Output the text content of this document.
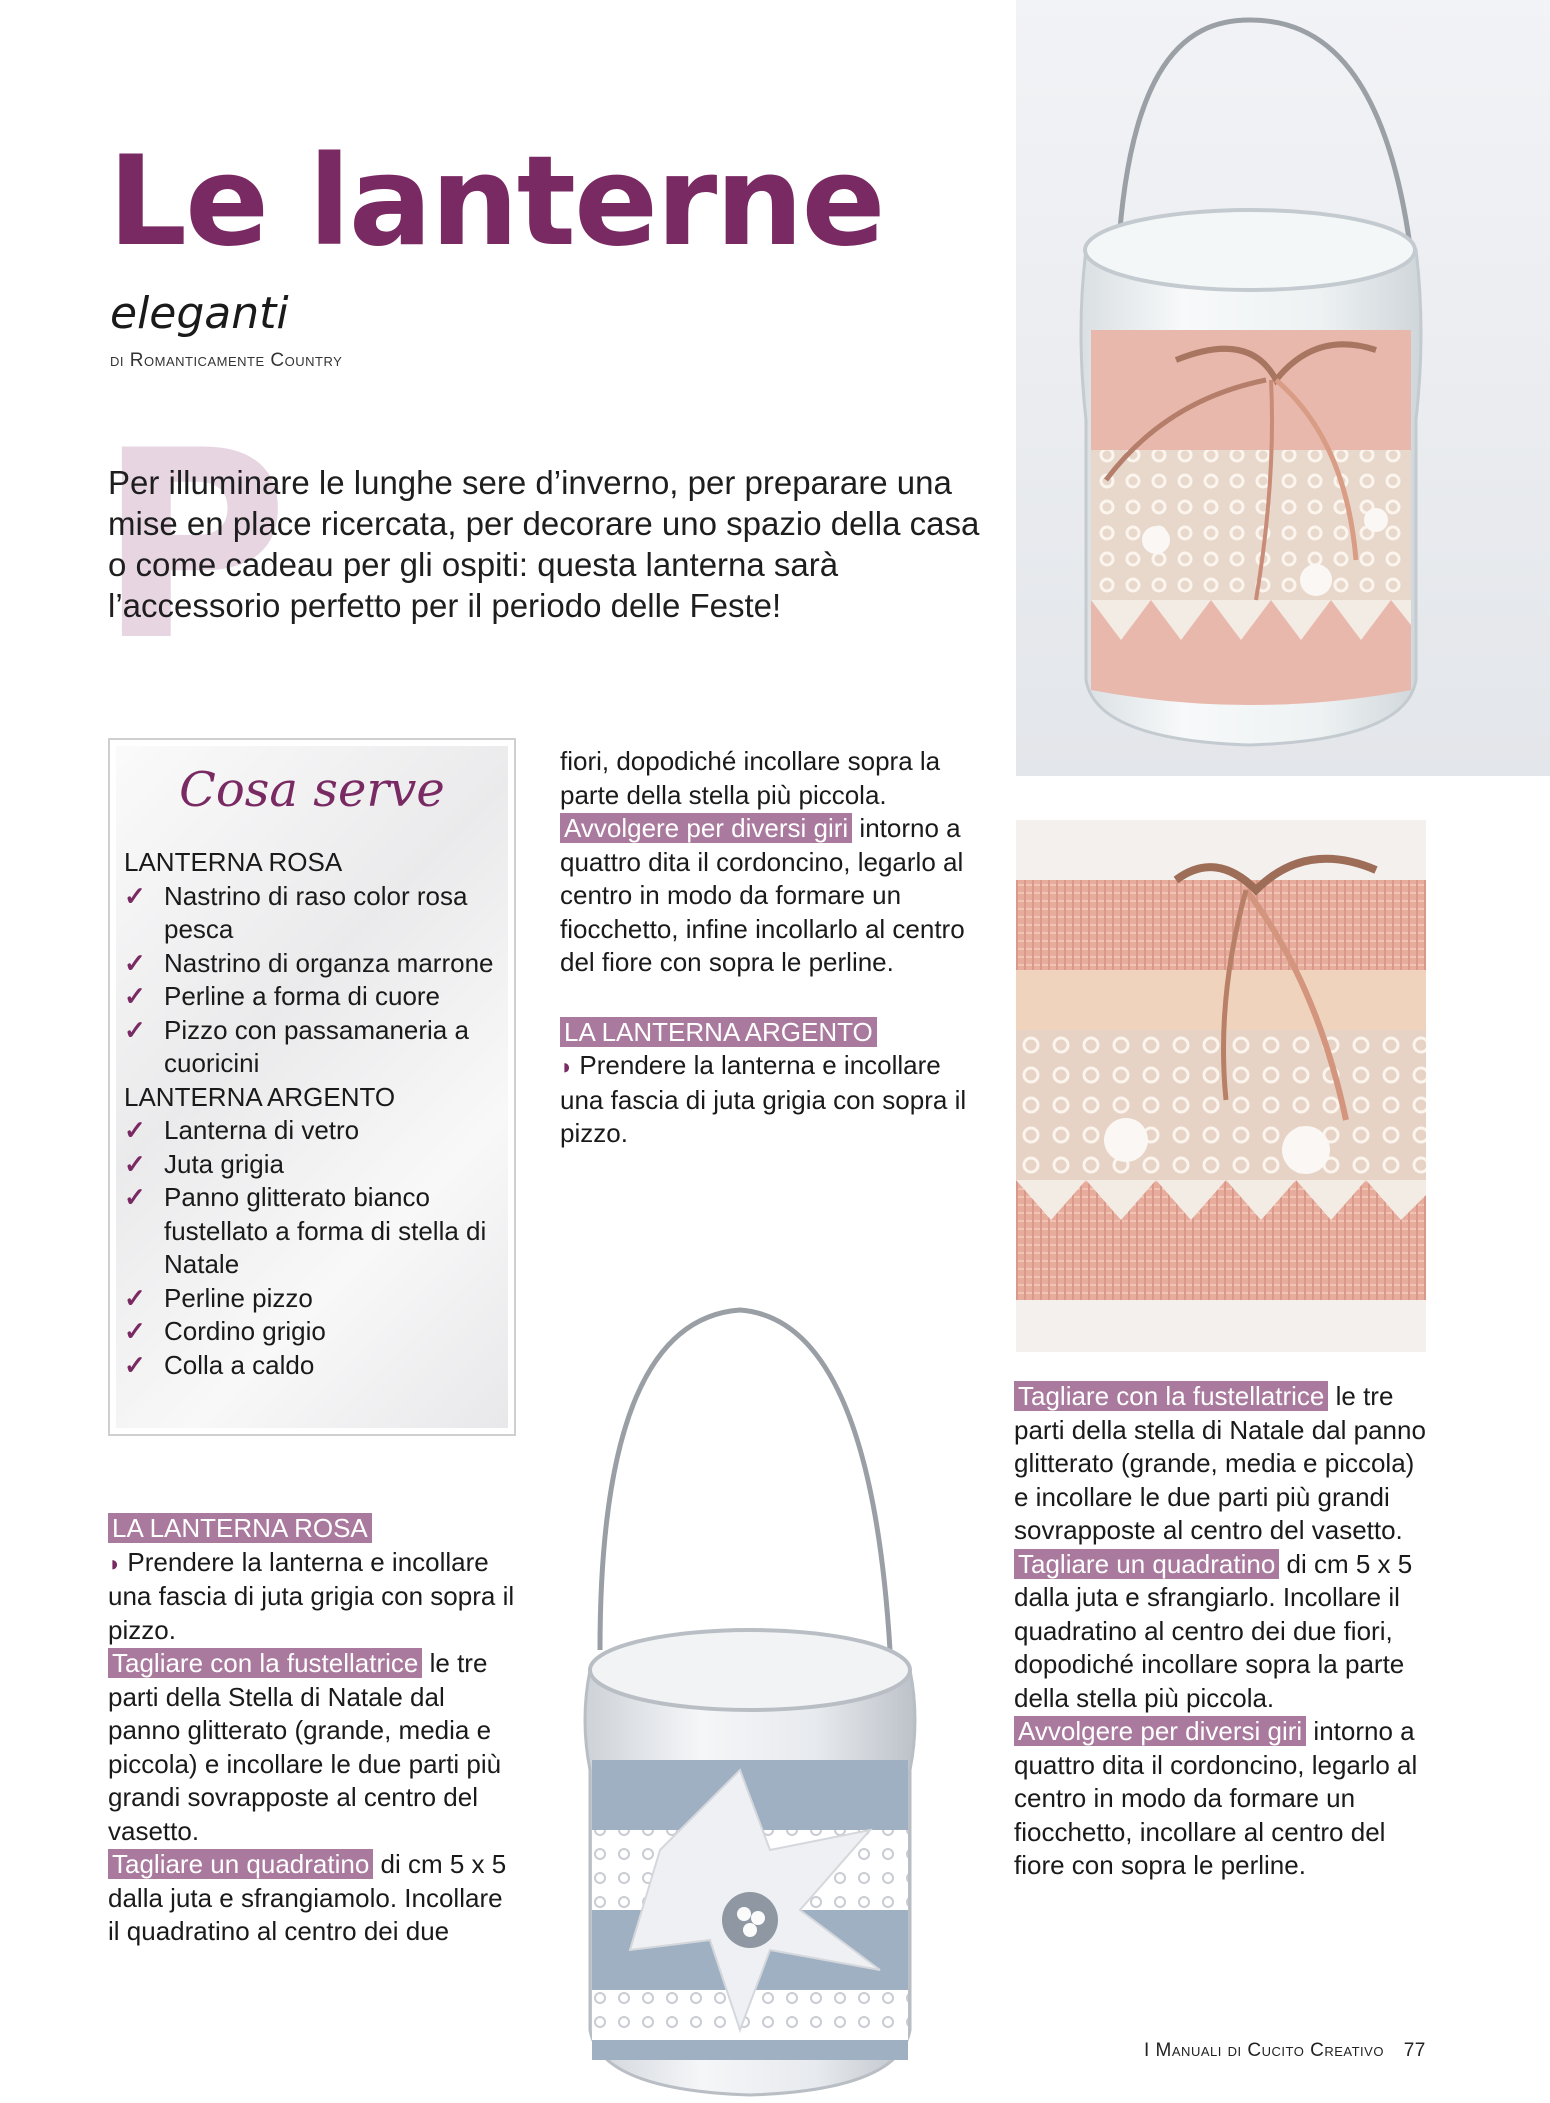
Le lanterne
eleganti
di Romanticamente Country
P

Per illuminare le lunghe sere d’inverno, per preparare una mise en place ricercata, per decorare uno spazio della casa o come cadeau per gli ospiti: questa lanterna sarà l’accessorio perfetto per il periodo delle Feste!

Cosa serve
LANTERNA ROSA
✓ Nastrino di raso color rosa pesca
✓ Nastrino di organza marrone
✓ Perline a forma di cuore
✓ Pizzo con passamaneria a cuoricini
LANTERNA ARGENTO
✓ Lanterna di vetro
✓ Juta grigia
✓ Panno glitterato bianco fustellato a forma di stella di Natale
✓ Perline pizzo
✓ Cordino grigio
✓ Colla a caldo

fiori, dopodiché incollare sopra la parte della stella più piccola.

Avvolgere per diversi giri intorno a quattro dita il cordoncino, legarlo al centro in modo da formare un fiocchetto, infine incollarlo al centro del fiore con sopra le perline.

LA LANTERNA ARGENTO

◗ Prendere la lanterna e incollare una fascia di juta grigia con sopra il pizzo.

LA LANTERNA ROSA

◗ Prendere la lanterna e incollare una fascia di juta grigia con sopra il pizzo.

Tagliare con la fustellatrice le tre parti della Stella di Natale dal panno glitterato (grande, media e piccola) e incollare le due parti più grandi sovrapposte al centro del vasetto.

Tagliare un quadratino di cm 5 x 5 dalla juta e sfrangiamolo. Incollare il quadratino al centro dei due

Tagliare con la fustellatrice le tre parti della stella di Natale dal panno glitterato (grande, media e piccola) e incollare le due parti più grandi sovrapposte al centro del vasetto.

Tagliare un quadratino di cm 5 x 5 dalla juta e sfrangiarlo. Incollare il quadratino al centro dei due fiori, dopodiché incollare sopra la parte della stella più piccola.

Avvolgere per diversi giri intorno a quattro dita il cordoncino, legarlo al centro in modo da formare un fiocchetto, incollare al centro del fiore con sopra le perline.

I Manuali di Cucito Creativo 77
